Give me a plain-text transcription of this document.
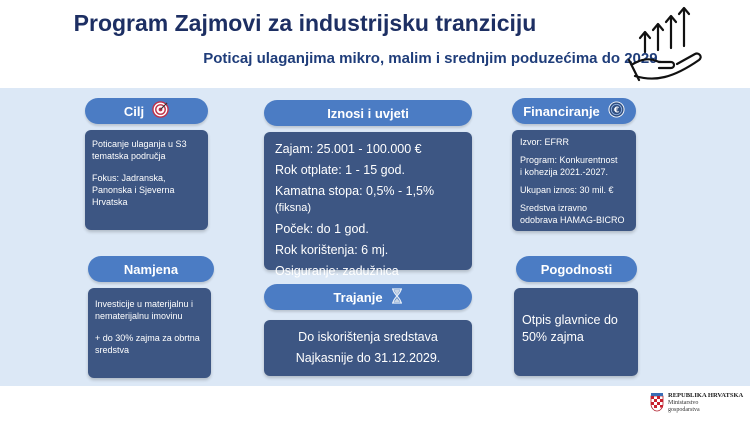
Program Zajmovi za industrijsku tranziciju
Poticaj ulaganjima mikro, malim i srednjim poduzećima do 2029.
Cilj

Poticanje ulaganja u S3

tematska područja

Fokus: Jadranska,

Panonska i Sjeverna

Hrvatska

Namjena

Investicije u materijalnu i

nematerijalnu imovinu

+ do 30% zajma za obrtna

sredstva

Iznosi i uvjeti

Zajam: 25.001 - 100.000 €

Rok otplate: 1 - 15 god.

Kamatna stopa: 0,5% - 1,5% (fiksna)

Poček: do 1 god.

Rok korištenja: 6 mj.

Osiguranje: zadužnica

Trajanje

Do iskorištenja sredstava

Najkasnije do 31.12.2029.

Financiranje €

Izvor: EFRR

Program: Konkurentnost

i kohezija 2021.-2027.

Ukupan iznos: 30 mil. €

Sredstva izravno

odobrava HAMAG-BICRO

Pogodnosti

Otpis glavnice do

50% zajma

REPUBLIKA HRVATSKA
Ministarstvo
gospodarstva
